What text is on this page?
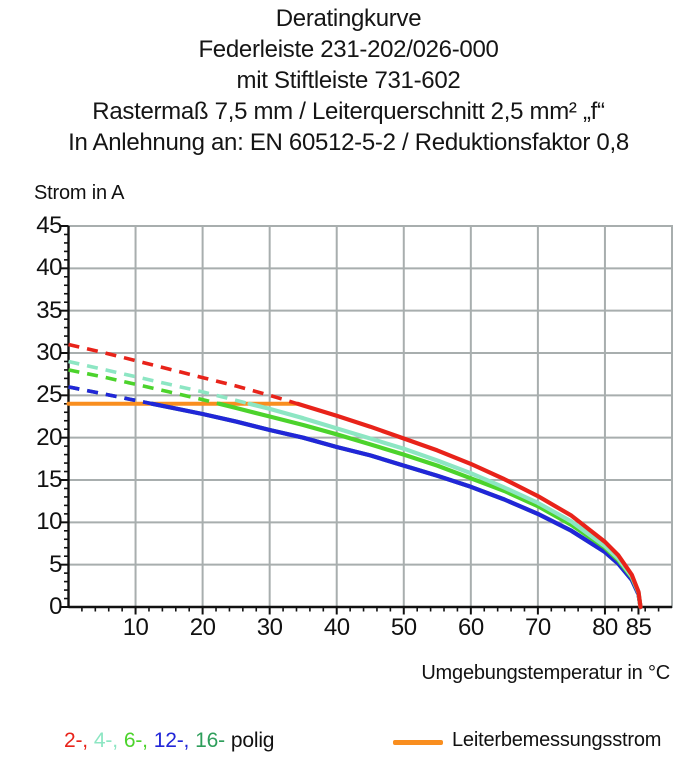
Deratingkurve
Federleiste 231-202/026-000
mit Stiftleiste 731-602
Rastermaß 7,5 mm / Leiterquerschnitt 2,5 mm² „f“
In Anlehnung an: EN 60512-5-2 / Reduktionsfaktor 0,8
Strom in A
10	20	30	40	50	60	70	80 85
0
5
10
15
20
25
30
35
40
45
Umgebungstemperatur in °C
2-, 4-, 6-, 12-, 16- polig	Leiterbemessungsstrom
